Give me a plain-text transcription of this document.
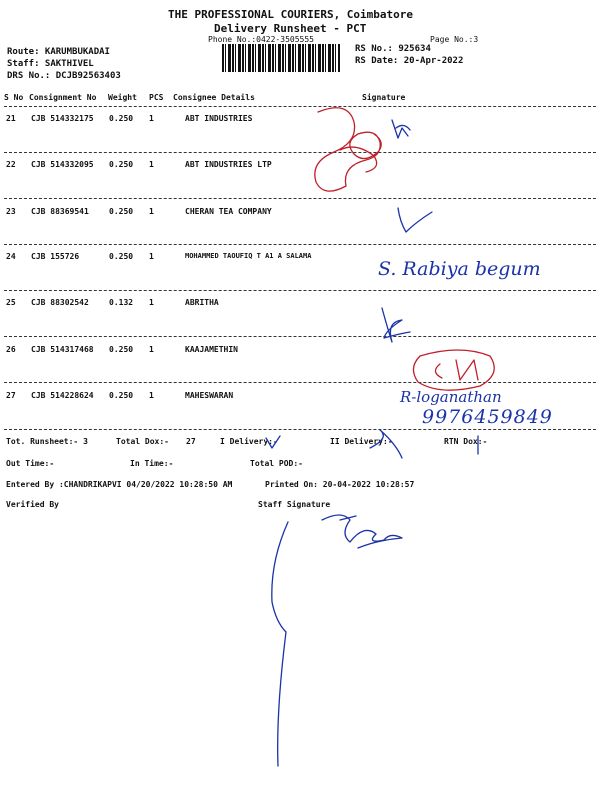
THE PROFESSIONAL COURIERS, Coimbatore
Delivery Runsheet - PCT
Phone No.:0422-3505555	Page No.:3
Route: KARUMBUKADAI
Staff: SAKTHIVEL
DRS No.: DCJB92563403
RS No.: 925634
RS Date: 20-Apr-2022
S No Consignment No Weight PCS Consignee Details	Signature
21 CJB 514332175 0.250 1	ABT INDUSTRIES
22 CJB 514332095 0.250 1	ABT INDUSTRIES LTP
23 CJB 88369541	0.250 1	CHERAN TEA COMPANY
24 CJB 155726	0.250 1	MOHAMMED TAOUFIQ T A1 A SALAMA
25 CJB 88302542	0.132 1	ABRITHA
26 CJB 514317468 0.250 1	KAAJAMETHIN
27 CJB 514228624 0.250 1	MAHESWARAN
Tot. Runsheet:- 3	Total Dox:- 27	I Delivery:-	II Delivery:-	RTN Dox:-
Out Time:-	In Time:-	Total POD:-
Entered By :CHANDRIKAPVI 04/20/2022 10:28:50 AM	Printed On: 20-04-2022 10:28:57
Verified By	Staff Signature
S. Rabiya begum
R-loganathan
9976459849
